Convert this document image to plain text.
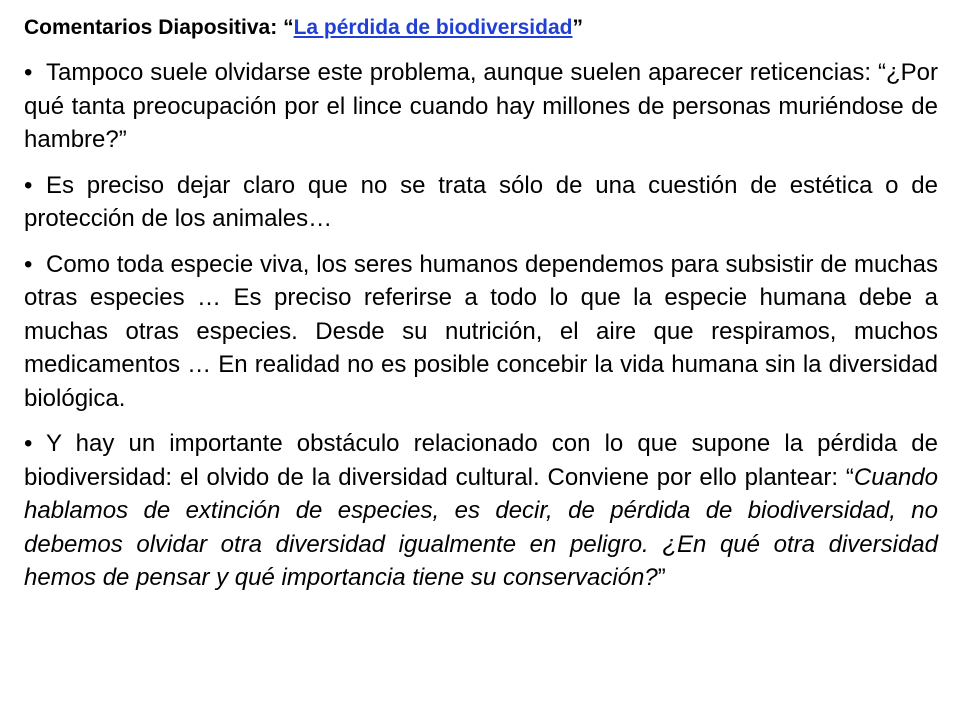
Comentarios Diapositiva: “La pérdida de biodiversidad”
• Tampoco suele olvidarse este problema, aunque suelen aparecer reticencias: “¿Por qué tanta preocupación por el lince cuando hay millones de personas muriéndose de hambre?”
• Es preciso dejar claro que no se trata sólo de una cuestión de estética o de protección de los animales…
• Como toda especie viva, los seres humanos dependemos para subsistir de muchas otras especies … Es preciso referirse a todo lo que la especie humana debe a muchas otras especies. Desde su nutrición, el aire que respiramos, muchos medicamentos … En realidad no es posible concebir la vida humana sin la diversidad biológica.
• Y hay un importante obstáculo relacionado con lo que supone la pérdida de biodiversidad: el olvido de la diversidad cultural. Conviene por ello plantear: “Cuando hablamos de extinción de especies, es decir, de pérdida de biodiversidad, no debemos olvidar otra diversidad igualmente en peligro. ¿En qué otra diversidad hemos de pensar y qué importancia tiene su conservación?”
